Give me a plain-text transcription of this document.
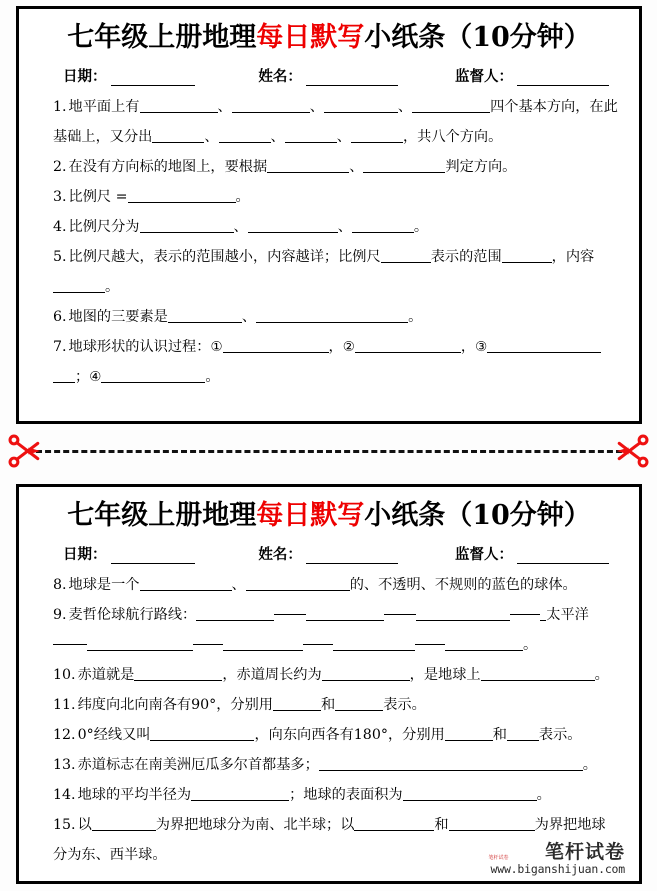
七年级上册地理每日默写小纸条（10分钟）
日期：	姓名：	监督人：
1. 地平面上有	、	、	、	四个基本方向，在此
基础上，又分出	、	、	、	，共八个方向。
2. 在没有方向标的地图上，要根据	、	判定方向。
3. 比例尺 =	。
4. 比例尺分为	、	、	。
5. 比例尺越大，表示的范围越小，内容越详；比例尺	表示的范围	，内容
。
6. 地图的三要素是	、	。
7. 地球形状的认识过程：①	，②	，③
；④	。
七年级上册地理每日默写小纸条（10分钟）
日期：	姓名：	监督人：
8. 地球是一个	、	的、不透明、不规则的蓝色的球体。
9. 麦哲伦球航行路线：	太平洋
。
10. 赤道就是	，赤道周长约为	，是地球上	。
11. 纬度向北向南各有90°，分别用	和	表示。
12. 0°经线又叫	，向东向西各有180°，分别用	和 表示。
13. 赤道标志在南美洲厄瓜多尔首都基多；	。
14. 地球的平均半径为	；地球的表面积为	。
15. 以	为界把地球分为南、北半球；以	和	为界把地球
分为东、西半球。	笔杆试卷
www.biganshijuan.com
笔杆试卷
